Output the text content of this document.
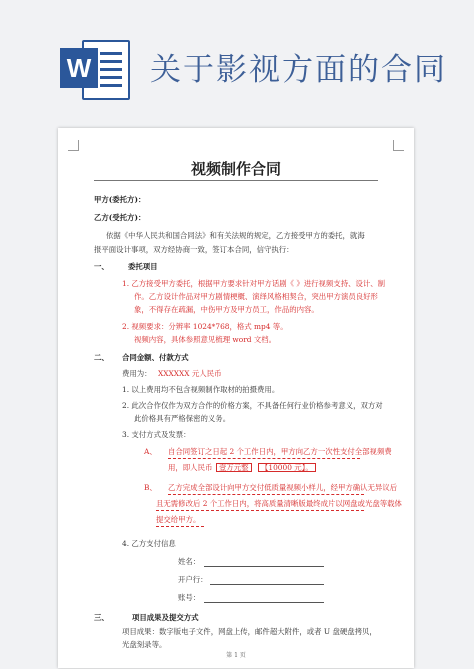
W 关于影视方面的合同
视频制作合同
甲方(委托方)：
乙方(受托方)：
依据《中华人民共和国合同法》和有关法规的规定，乙方接受甲方的委托，就海
报平面设计事项，双方经协商一致，签订本合同，信守执行：
一、	委托项目
1. 乙方接受甲方委托，根据甲方要求针对甲方话剧《 》进行视频支持、设计、制
作。乙方设计作品对甲方剧情梗概、演绎风格相契合，突出甲方演员良好形
象，不得存在疏漏，中伤甲方及甲方员工，作品的内容。
2. 视频要求：分辨率 1024*768，格式 mp4 等。
视频内容，具体参照意见梳理 word 文档。
二、 合同金额、付款方式
费用为： XXXXXX 元人民币
1. 以上费用均不包含视频制作取材的拍摄费用。
2. 此次合作仅作为双方合作的价格方案，不具备任何行业价格参考意义，双方对
此价格具有严格保密的义务。
3. 支付方式及发票：
A、 自合同签订之日起 2 个工作日内，甲方向乙方一次性支付全部视频费
用，即人民币 壹万元整	【10000 元】。
B、 乙方完成全部设计向甲方交付低质量视频小样儿，经甲方确认无异议后
且无需修改后 2 个工作日内，将高质量清晰版最终成片以网盘或光盘等载体
提交给甲方。
4. 乙方支付信息
姓名：
开户行：
账号：
三、	项目成果及提交方式
项目成果：数字版电子文件，网盘上传，邮件超大附件，或者 U 盘硬盘拷贝，
光盘刻录等。
第 1 页
